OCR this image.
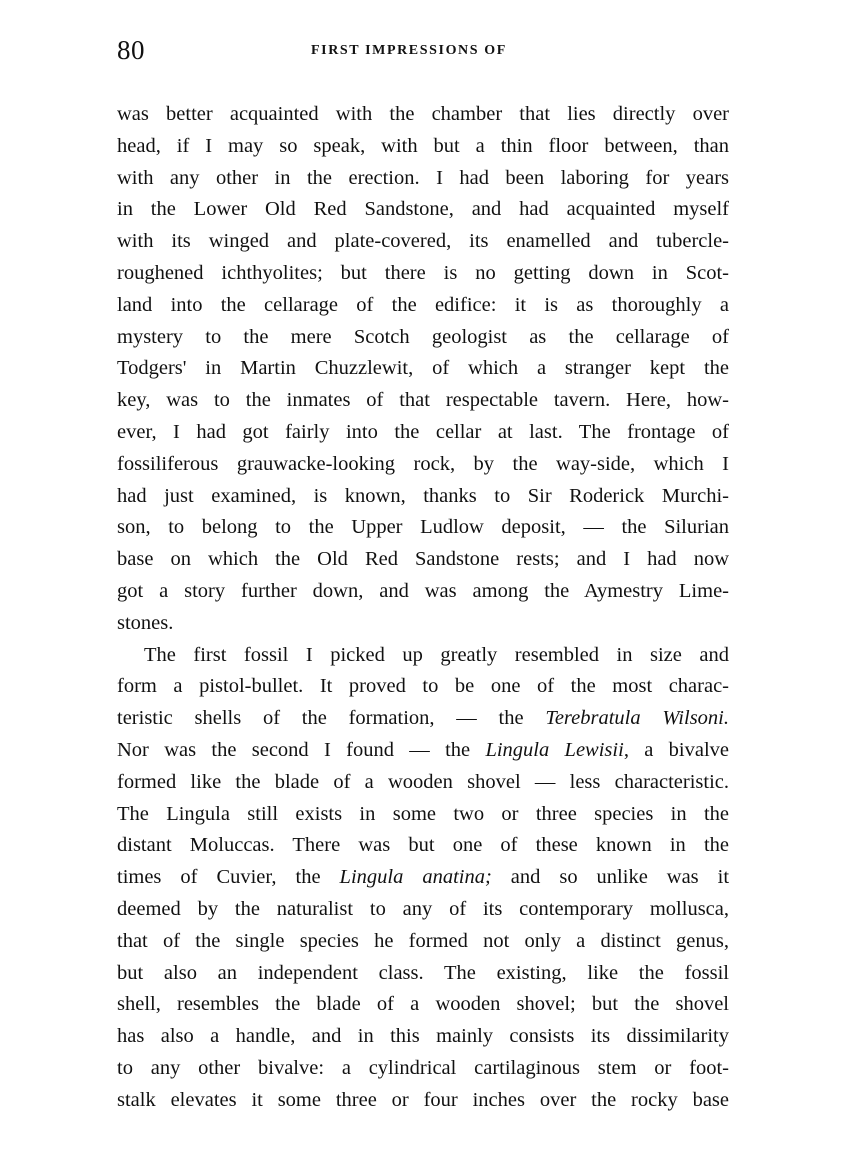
80	FIRST IMPRESSIONS OF
was better acquainted with the chamber that lies directly over
head, if I may so speak, with but a thin floor between, than
with any other in the erection. I had been laboring for years
in the Lower Old Red Sandstone, and had acquainted myself
with its winged and plate-covered, its enamelled and tubercle-
roughened ichthyolites; but there is no getting down in Scot-
land into the cellarage of the edifice: it is as thoroughly a
mystery to the mere Scotch geologist as the cellarage of
Todgers' in Martin Chuzzlewit, of which a stranger kept the
key, was to the inmates of that respectable tavern. Here, how-
ever, I had got fairly into the cellar at last. The frontage of
fossiliferous grauwacke-looking rock, by the way-side, which I
had just examined, is known, thanks to Sir Roderick Murchi-
son, to belong to the Upper Ludlow deposit, — the Silurian
base on which the Old Red Sandstone rests; and I had now
got a story further down, and was among the Aymestry Lime-
stones.
The first fossil I picked up greatly resembled in size and
form a pistol-bullet. It proved to be one of the most charac-
teristic shells of the formation, — the Terebratula Wilsoni.
Nor was the second I found — the Lingula Lewisii, a bivalve
formed like the blade of a wooden shovel — less characteristic.
The Lingula still exists in some two or three species in the
distant Moluccas. There was but one of these known in the
times of Cuvier, the Lingula anatina; and so unlike was it
deemed by the naturalist to any of its contemporary mollusca,
that of the single species he formed not only a distinct genus,
but also an independent class. The existing, like the fossil
shell, resembles the blade of a wooden shovel; but the shovel
has also a handle, and in this mainly consists its dissimilarity
to any other bivalve: a cylindrical cartilaginous stem or foot-
stalk elevates it some three or four inches over the rocky base
